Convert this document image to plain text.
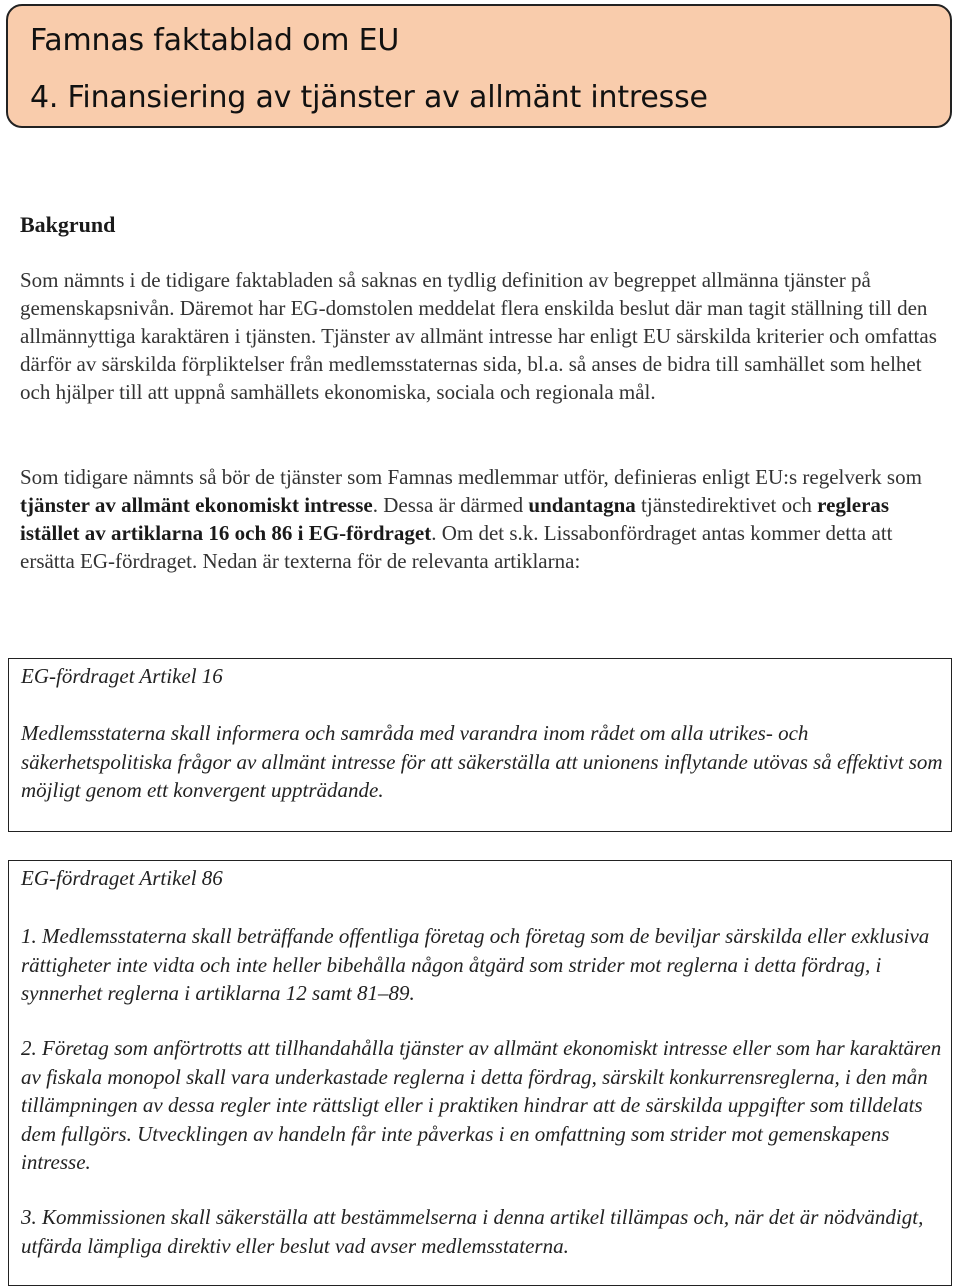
Famnas faktablad om EU
4. Finansiering av tjänster av allmänt intresse
Bakgrund

Som nämnts i de tidigare faktabladen så saknas en tydlig definition av begreppet allmänna tjänster på gemenskapsnivån. Däremot har EG-domstolen meddelat flera enskilda beslut där man tagit ställning till den allmännyttiga karaktären i tjänsten. Tjänster av allmänt intresse har enligt EU särskilda kriterier och omfattas därför av särskilda förpliktelser från medlemsstaternas sida, bl.a. så anses de bidra till samhället som helhet och hjälper till att uppnå samhällets ekonomiska, sociala och regionala mål.

Som tidigare nämnts så bör de tjänster som Famnas medlemmar utför, definieras enligt EU:s regelverk som tjänster av allmänt ekonomiskt intresse. Dessa är därmed undantagna tjänstedirektivet och regleras istället av artiklarna 16 och 86 i EG-fördraget. Om det s.k. Lissabonfördraget antas kommer detta att ersätta EG-fördraget. Nedan är texterna för de relevanta artiklarna:

EG-fördraget Artikel 16

Medlemsstaterna skall informera och samråda med varandra inom rådet om alla utrikes- och säkerhetspolitiska frågor av allmänt intresse för att säkerställa att unionens inflytande utövas så effektivt som möjligt genom ett konvergent uppträdande.

EG-fördraget Artikel 86

1. Medlemsstaterna skall beträffande offentliga företag och företag som de beviljar särskilda eller exklusiva rättigheter inte vidta och inte heller bibehålla någon åtgärd som strider mot reglerna i detta fördrag, i synnerhet reglerna i artiklarna 12 samt 81–89.

2. Företag som anförtrotts att tillhandahålla tjänster av allmänt ekonomiskt intresse eller som har karaktären av fiskala monopol skall vara underkastade reglerna i detta fördrag, särskilt konkurrensreglerna, i den mån tillämpningen av dessa regler inte rättsligt eller i praktiken hindrar att de särskilda uppgifter som tilldelats dem fullgörs. Utvecklingen av handeln får inte påverkas i en omfattning som strider mot gemenskapens intresse.

3. Kommissionen skall säkerställa att bestämmelserna i denna artikel tillämpas och, när det är nödvändigt, utfärda lämpliga direktiv eller beslut vad avser medlemsstaterna.
